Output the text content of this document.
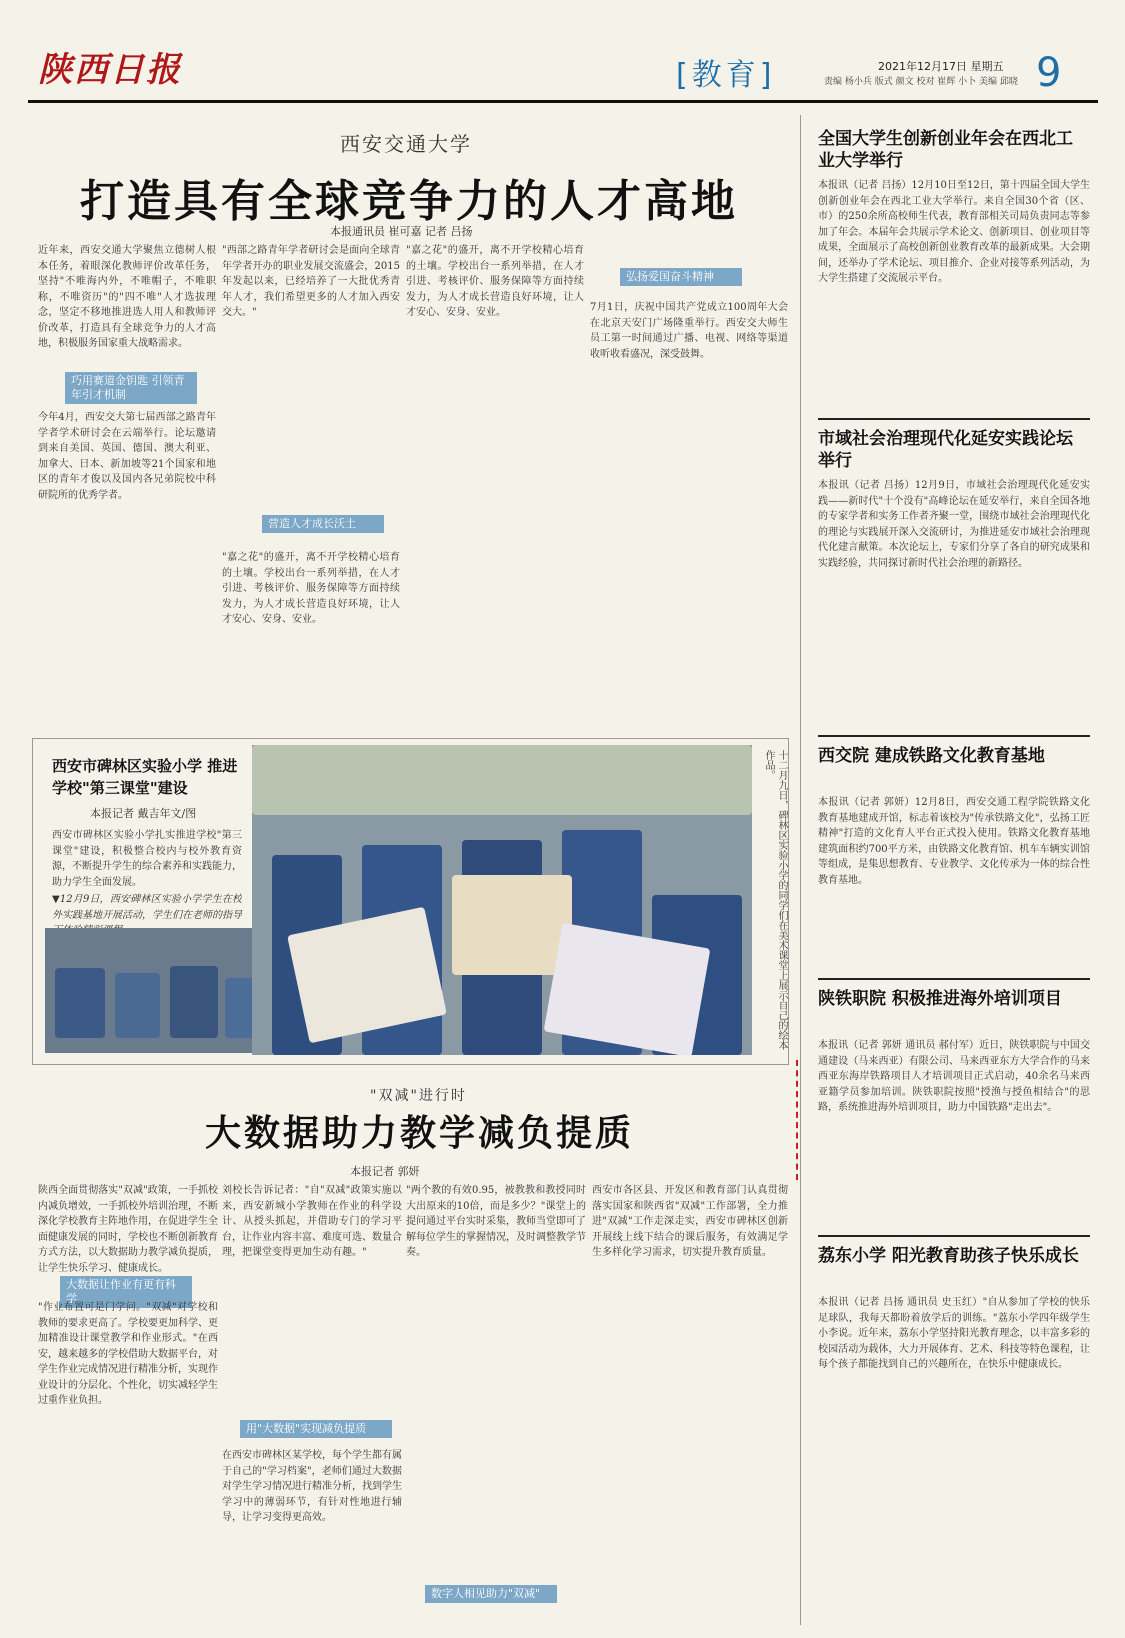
陕西日报	[教育]	2021年12月17日 星期五
责编 杨小兵 版式 颜文 校对 崔辉 小卜 美编 邱晓 9
西安交通大学
打造具有全球竞争力的人才高地
本报通讯员 崔可嘉 记者 吕扬
近年来，西安交通大学聚焦立德树人根本任务，着眼深化教师评价改革任务，坚持"不唯海内外，不唯帽子，不唯职称，不唯资历"的"四不唯"人才选拔理念，坚定不移地推进选人用人和教师评价改革，打造具有全球竞争力的人才高地，积极服务国家重大战略需求。
巧用赛道金钥匙 引领青年引才机制
今年4月，西安交大第七届西部之路青年学者学术研讨会在云端举行。论坛邀请到来自美国、英国、德国、澳大利亚、加拿大、日本、新加坡等21个国家和地区的青年才俊以及国内各兄弟院校中科研院所的优秀学者。
"西部之路青年学者研讨会是面向全球青年学者开办的职业发展交流盛会，2015年发起以来，已经培养了一大批优秀青年人才，我们希望更多的人才加入西安交大。"
营造人才成长沃土
"嘉之花"的盛开，离不开学校精心培育的土壤。学校出台一系列举措，在人才引进、考核评价、服务保障等方面持续发力，为人才成长营造良好环境，让人才安心、安身、安业。
"嘉之花"的盛开，离不开学校精心培育的土壤。学校出台一系列举措，在人才引进、考核评价、服务保障等方面持续发力，为人才成长营造良好环境，让人才安心、安身、安业。
弘扬爱国奋斗精神
7月1日，庆祝中国共产党成立100周年大会在北京天安门广场隆重举行。西安交大师生员工第一时间通过广播、电视、网络等渠道收听收看盛况，深受鼓舞。
西安市碑林区实验小学 推进学校"第三课堂"建设
本报记者 戴吉年文/图
西安市碑林区实验小学扎实推进学校"第三课堂"建设，积极整合校内与校外教育资源，不断提升学生的综合素养和实践能力，助力学生全面发展。
▼12月9日，西安碑林区实验小学学生在校外实践基地开展活动，学生们在老师的指导	十二月九日，碑林区实验小学的同学们在美术课堂上展示自己的绘本作品。
"双减"进行时
大数据助力教学减负提质
本报记者 郭妍
陕西全面贯彻落实"双减"政策，一手抓校内减负增效，一手抓校外培训治理，不断深化学校教育主阵地作用，在促进学生全面健康发展的同时，学校也不断创新教育方式方法，以大数据助力教学减负提质，让学生快乐学习、健康成长。
大数据让作业有更有科学
"作业布置可是门学问。"双减"对学校和教师的要求更高了。学校要更加科学、更加精准设计课堂教学和作业形式。"在西安，越来越多的学校借助大数据平台，对学生作业完成情况进行精准分析，实现作业设计的分层化、个性化，切实减轻学生过重作业负担。
刘校长告诉记者："自"双减"政策实施以来，西安新城小学教师在作业的科学设计、从授头抓起，并借助专门的学习平台，让作业内容丰富、难度可选、数量合理，把课堂变得更加生动有趣。"
用"大数据"实现减负提质
在西安市碑林区某学校，每个学生都有属于自己的"学习档案"，老师们通过大数据对学生学习情况进行精准分析，找到学生学习中的薄弱环节，有针对性地进行辅导，让学习变得更高效。
"两个教的有效0.95，被教教和教授同时大出原来的10倍，而是多少？"课堂上的提问通过平台实时采集，教师当堂即可了解每位学生的掌握情况，及时调整教学节奏。
数字人相见助力"双减"
西安市各区县、开发区和教育部门认真贯彻落实国家和陕西省"双减"工作部署，全力推进"双减"工作走深走实，西安市碑林区创新开展线上线下结合的课后服务，有效满足学生多样化学习需求，切实提升教育质量。
全国大学生创新创业年会在西北工业大学举行
本报讯（记者 吕扬）12月10日至12日，第十四届全国大学生创新创业年会在西北工业大学举行。来自全国30个省（区、市）的250余所高校师生代表，教育部相关司局负责同志等参加了年会。本届年会共展示学术论文、创新项目、创业项目等成果，全面展示了高校创新创业教育改革的最新成果。大会期间，还举办了学术论坛、项目推介、企业对接等系列活动，为大学生搭建了交流展示平台。
市域社会治理现代化延安实践论坛举行
本报讯（记者 吕扬）12月9日，市域社会治理现代化延安实践——新时代"十个没有"高峰论坛在延安举行，来自全国各地的专家学者和实务工作者齐聚一堂，围绕市域社会治理现代化的理论与实践展开深入交流研讨，为推进延安市域社会治理现代化建言献策。本次论坛上，专家们分享了各自的研究成果和实践经验，共同探讨新时代社会治理的新路径。
西交院 建成铁路文化教育基地
本报讯（记者 郭妍）12月8日，西安交通工程学院铁路文化教育基地建成开馆，标志着该校为"传承铁路文化"，弘扬工匠精神"打造的文化育人平台正式投入使用。铁路文化教育基地建筑面积约700平方米，由铁路文化教育馆、机车车辆实训馆等组成，是集思想教育、专业教学、文化传承为一体的综合性教育基地。
陕铁职院 积极推进海外培训项目
本报讯（记者 郭妍 通讯员 郝付军）近日，陕铁职院与中国交通建设（马来西亚）有限公司、马来西亚东方大学合作的马来西亚东海岸铁路项目人才培训项目正式启动，40余名马来西亚籍学员参加培训。陕铁职院按照"授渔与授鱼相结合"的思路，系统推进海外培训项目，助力中国铁路"走出去"。
荔东小学 阳光教育助孩子快乐成长
本报讯（记者 吕扬 通讯员 史玉红）"自从参加了学校的快乐足球队，我每天都盼着放学后的训练。"荔东小学四年级学生小李说。近年来，荔东小学坚持阳光教育理念，以丰富多彩的校园活动为载体，大力开展体育、艺术、科技等特色课程，让每个孩子都能找到自己的兴趣所在，在快乐中健康成长。
